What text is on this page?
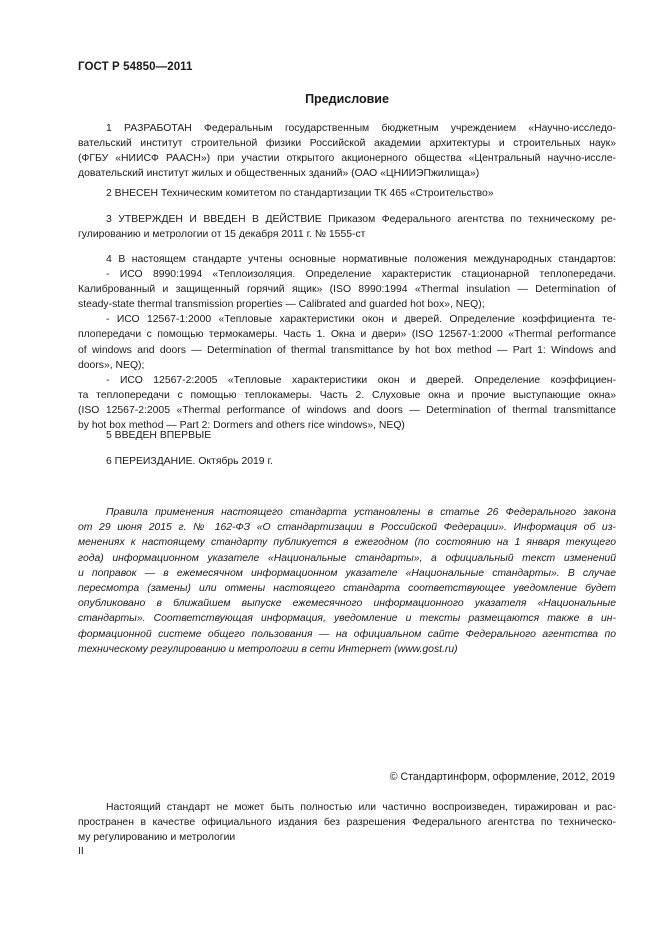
ГОСТ Р 54850—2011
Предисловие
1 РАЗРАБОТАН Федеральным государственным бюджетным учреждением «Научно-исследо-
вательский институт строительной физики Российской академии архитектуры и строительных наук»
(ФГБУ «НИИСФ РААСН») при участии открытого акционерного общества «Центральный научно-иссле-
довательский институт жилых и общественных зданий» (ОАО «ЦНИИЭПжилища»)
2 ВНЕСЕН Техническим комитетом по стандартизации ТК 465 «Строительство»
3 УТВЕРЖДЕН И ВВЕДЕН В ДЕЙСТВИЕ Приказом Федерального агентства по техническому ре-
гулированию и метрологии от 15 декабря 2011 г. № 1555-ст
4 В настоящем стандарте учтены основные нормативные положения международных стандартов:
- ИСО 8990:1994 «Теплоизоляция. Определение характеристик стационарной теплопередачи.
Калиброванный и защищенный горячий ящик» (ISO 8990:1994 «Thermal insulation — Determination of
steady-state thermal transmission properties — Calibrated and guarded hot box», NEQ);
- ИСО 12567-1:2000 «Тепловые характеристики окон и дверей. Определение коэффициента те-
плопередачи с помощью термокамеры. Часть 1. Окна и двери» (ISO 12567-1:2000 «Thermal performance
of windows and doors — Determination of thermal transmittance by hot box method — Part 1: Windows and
doors», NEQ);
- ИСО 12567-2:2005 «Тепловые характеристики окон и дверей. Определение коэффициен-
та теплопередачи с помощью теплокамеры. Часть 2. Слуховые окна и прочие выступающие окна»
(ISO 12567-2:2005 «Thermal performance of windows and doors — Determination of thermal transmittance
by hot box method — Part 2: Dormers and others rice windows», NEQ)
5 ВВЕДЕН ВПЕРВЫЕ
6 ПЕРЕИЗДАНИЕ. Октябрь 2019 г.
Правила применения настоящего стандарта установлены в статье 26 Федерального закона
от 29 июня 2015 г. № 162-ФЗ «О стандартизации в Российской Федерации». Информация об из-
менениях к настоящему стандарту публикуется в ежегодном (по состоянию на 1 января текущего
года) информационном указателе «Национальные стандарты», а официальный текст изменений
и поправок — в ежемесячном информационном указателе «Национальные стандарты». В случае
пересмотра (замены) или отмены настоящего стандарта соответствующее уведомление будет
опубликовано в ближайшем выпуске ежемесячного информационного указателя «Национальные
стандарты». Соответствующая информация, уведомление и тексты размещаются также в ин-
формационной системе общего пользования — на официальном сайте Федерального агентства по
техническому регулированию и метрологии в сети Интернет (www.gost.ru)
© Стандартинформ, оформление, 2012, 2019
Настоящий стандарт не может быть полностью или частично воспроизведен, тиражирован и рас-
пространен в качестве официального издания без разрешения Федерального агентства по техническо-
му регулированию и метрологии
II
